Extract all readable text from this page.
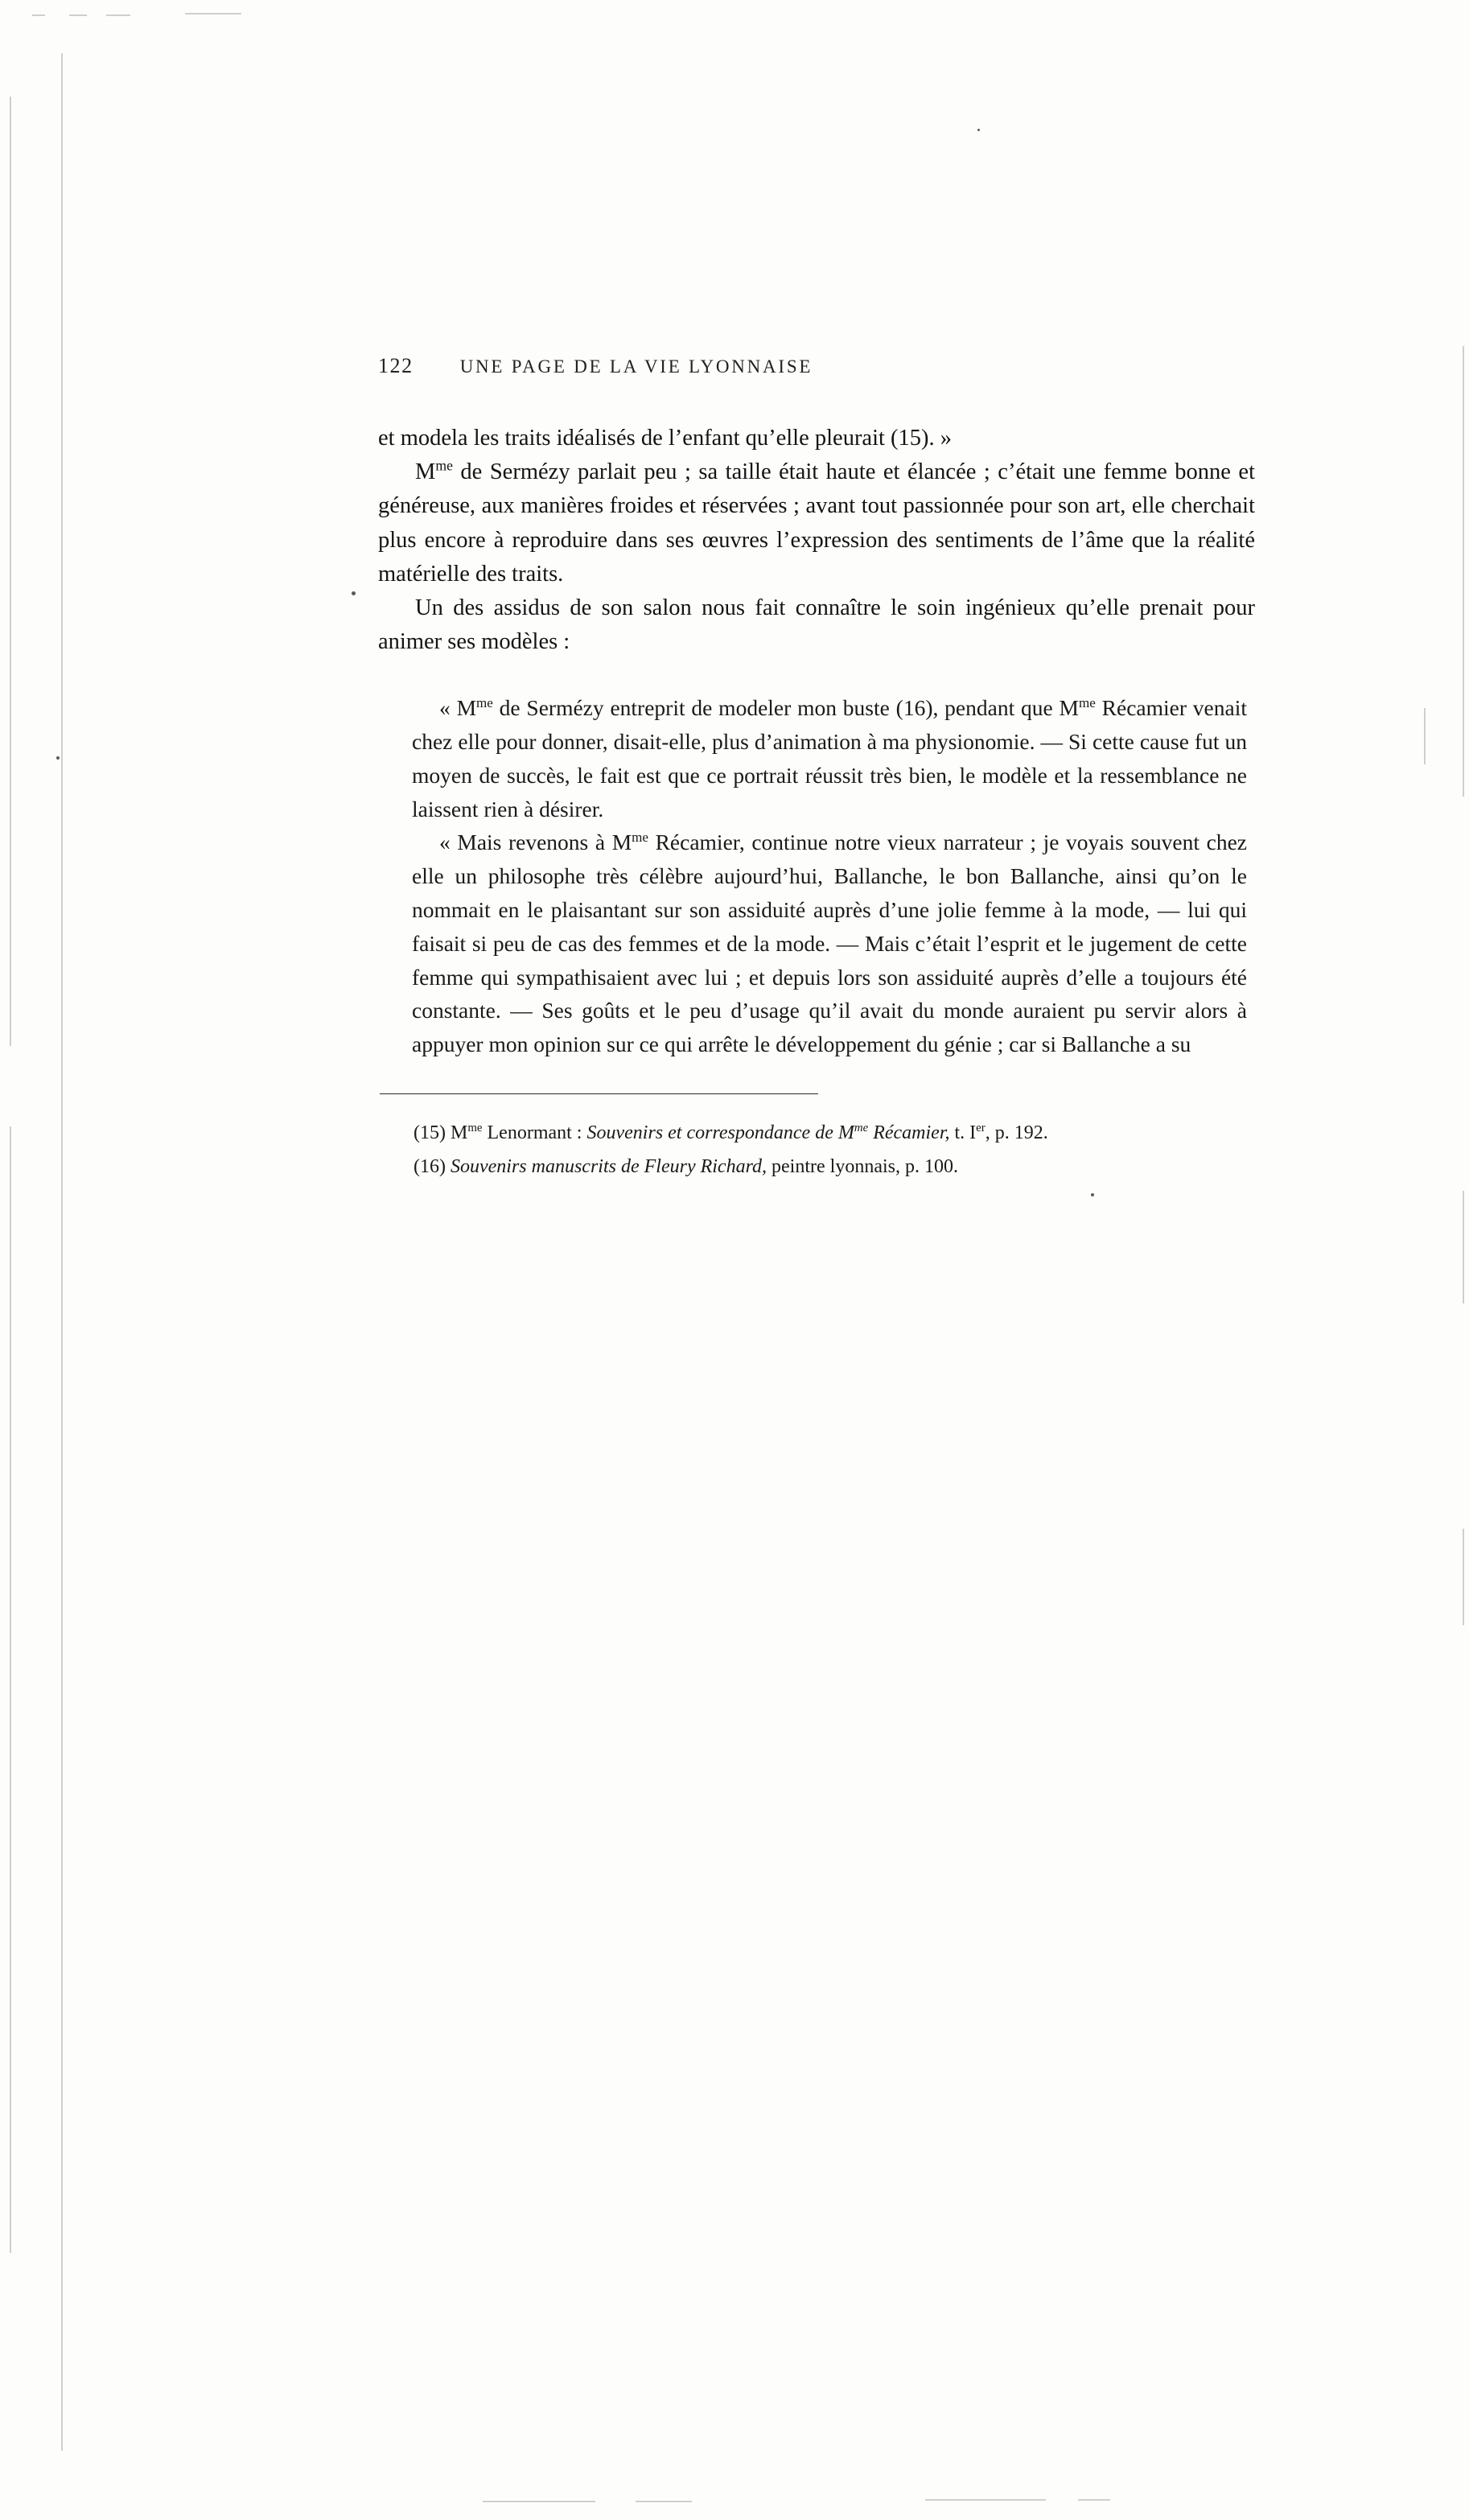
122	UNE PAGE DE LA VIE LYONNAISE

et modela les traits idéalisés de l’enfant qu’elle pleurait (15). »

$M^{me}$ de Sermézy parlait peu ; sa taille était haute et élancée ; c’était une femme bonne et généreuse, aux manières froides et réservées ; avant tout passionnée pour son art, elle cherchait plus encore à reproduire dans ses œuvres l’expression des sentiments de l’âme que la réalité matérielle des traits.

Un des assidus de son salon nous fait connaître le soin ingénieux qu’elle prenait pour animer ses modèles :

« $M^{me}$ de Sermézy entreprit de modeler mon buste (16), pendant que $M^{me}$ Récamier venait chez elle pour donner, disait-elle, plus d’animation à ma physionomie. — Si cette cause fut un moyen de succès, le fait est que ce portrait réussit très bien, le modèle et la ressemblance ne laissent rien à désirer.

« Mais revenons à $M^{me}$ Récamier, continue notre vieux narrateur ; je voyais souvent chez elle un philosophe très célèbre aujourd’hui, Ballanche, le bon Ballanche, ainsi qu’on le nommait en le plaisantant sur son assiduité auprès d’une jolie femme à la mode, — lui qui faisait si peu de cas des femmes et de la mode. — Mais c’était l’esprit et le jugement de cette femme qui sympathisaient avec lui ; et depuis lors son assiduité auprès d’elle a toujours été constante. — Ses goûts et le peu d’usage qu’il avait du monde auraient pu servir alors à appuyer mon opinion sur ce qui arrête le développement du génie ; car si Ballanche a su

(15) $M^{me}$ Lenormant : Souvenirs et correspondance de $M^{me}$ Récamier, t. Ier, p. 192.

(16) Souvenirs manuscrits de Fleury Richard, peintre lyonnais, p. 100.
